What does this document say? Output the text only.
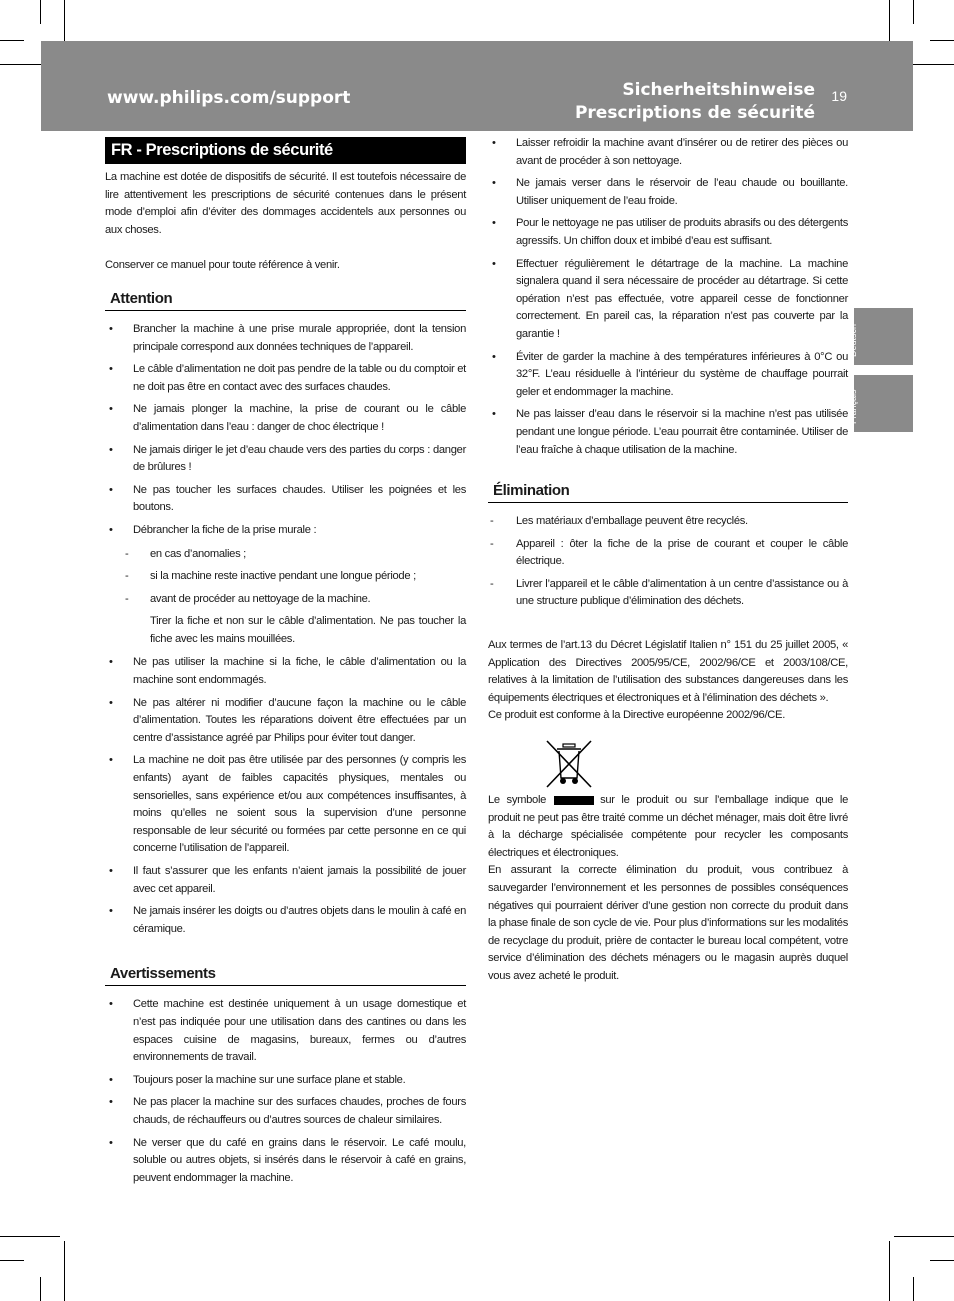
www.philips.com/support	Sicherheitshinweise
Prescriptions de sécurité
19
Deutsch
Français
FR - Prescriptions de sécurité

La machine est dotée de dispositifs de sécurité. Il est toutefois nécessaire de lire attentivement les prescriptions de sécurité contenues dans le présent mode d’emploi afin d’éviter des dommages accidentels aux personnes ou aux choses.

Conserver ce manuel pour toute référence à venir.

Attention
• Brancher la machine à une prise murale appropriée, dont la tension principale correspond aux données techniques de l’appareil.
• Le câble d’alimentation ne doit pas pendre de la table ou du comptoir et ne doit pas être en contact avec des surfaces chaudes.
• Ne jamais plonger la machine, la prise de courant ou le câble d’alimentation dans l’eau : danger de choc électrique !
• Ne jamais diriger le jet d’eau chaude vers des parties du corps : danger de brûlures !
• Ne pas toucher les surfaces chaudes. Utiliser les poignées et les boutons.
• Débrancher la fiche de la prise murale :
- en cas d’anomalies ;
- si la machine reste inactive pendant une longue période ;
- avant de procéder au nettoyage de la machine.

Tirer la fiche et non sur le câble d’alimentation. Ne pas toucher la fiche avec les mains mouillées.

• Ne pas utiliser la machine si la fiche, le câble d’alimentation ou la machine sont endommagés.
• Ne pas altérer ni modifier d’aucune façon la machine ou le câble d’alimentation. Toutes les réparations doivent être effectuées par un centre d’assistance agréé par Philips pour éviter tout danger.
• La machine ne doit pas être utilisée par des personnes (y compris les enfants) ayant de faibles capacités physiques, mentales ou sensorielles, sans expérience et/ou aux compétences insuffisantes, à moins qu’elles ne soient sous la supervision d’une personne responsable de leur sécurité ou formées par cette personne en ce qui concerne l’utilisation de l’appareil.
• Il faut s’assurer que les enfants n’aient jamais la possibilité de jouer avec cet appareil.
• Ne jamais insérer les doigts ou d’autres objets dans le moulin à café en céramique.
Avertissements
• Cette machine est destinée uniquement à un usage domestique et n’est pas indiquée pour une utilisation dans des cantines ou dans les espaces cuisine de magasins, bureaux, fermes ou d’autres environnements de travail.
• Toujours poser la machine sur une surface plane et stable.
• Ne pas placer la machine sur des surfaces chaudes, proches de fours chauds, de réchauffeurs ou d’autres sources de chaleur similaires.
• Ne verser que du café en grains dans le réservoir. Le café moulu, soluble ou autres objets, si insérés dans le réservoir à café en grains, peuvent endommager la machine.
• Laisser refroidir la machine avant d’insérer ou de retirer des pièces ou avant de procéder à son nettoyage.
• Ne jamais verser dans le réservoir de l’eau chaude ou bouillante. Utiliser uniquement de l’eau froide.
• Pour le nettoyage ne pas utiliser de produits abrasifs ou des détergents agressifs. Un chiffon doux et imbibé d’eau est suffisant.
• Effectuer régulièrement le détartrage de la machine. La machine signalera quand il sera nécessaire de procéder au détartrage. Si cette opération n’est pas effectuée, votre appareil cesse de fonctionner correctement. En pareil cas, la réparation n’est pas couverte par la garantie !
• Éviter de garder la machine à des températures inférieures à 0°C ou 32°F. L’eau résiduelle à l’intérieur du système de chauffage pourrait geler et endommager la machine.
• Ne pas laisser d’eau dans le réservoir si la machine n’est pas utilisée pendant une longue période. L’eau pourrait être contaminée. Utiliser de l’eau fraîche à chaque utilisation de la machine.
Élimination
- Les matériaux d’emballage peuvent être recyclés.
- Appareil : ôter la fiche de la prise de courant et couper le câble électrique.
- Livrer l’appareil et le câble d’alimentation à un centre d’assistance ou à une structure publique d’élimination des déchets.

Aux termes de l’art.13 du Décret Législatif Italien n° 151 du 25 juillet 2005, « Application des Directives 2005/95/CE, 2002/96/CE et 2003/108/CE, relatives à la limitation de l’utilisation des substances dangereuses dans les équipements électriques et électroniques et à l’élimination des déchets ».

Ce produit est conforme à la Directive européenne 2002/96/CE.

Le symbole	sur le produit ou sur l’emballage indique que le produit ne peut pas être traité comme un déchet ménager, mais doit être livré à la décharge spécialisée compétente pour recycler les composants électriques et électroniques.

En assurant la correcte élimination du produit, vous contribuez à sauvegarder l’environnement et les personnes de possibles conséquences négatives qui pourraient dériver d’une gestion non correcte du produit dans la phase finale de son cycle de vie. Pour plus d’informations sur les modalités de recyclage du produit, prière de contacter le bureau local compétent, votre service d’élimination des déchets ménagers ou le magasin auprès duquel vous avez acheté le produit.
